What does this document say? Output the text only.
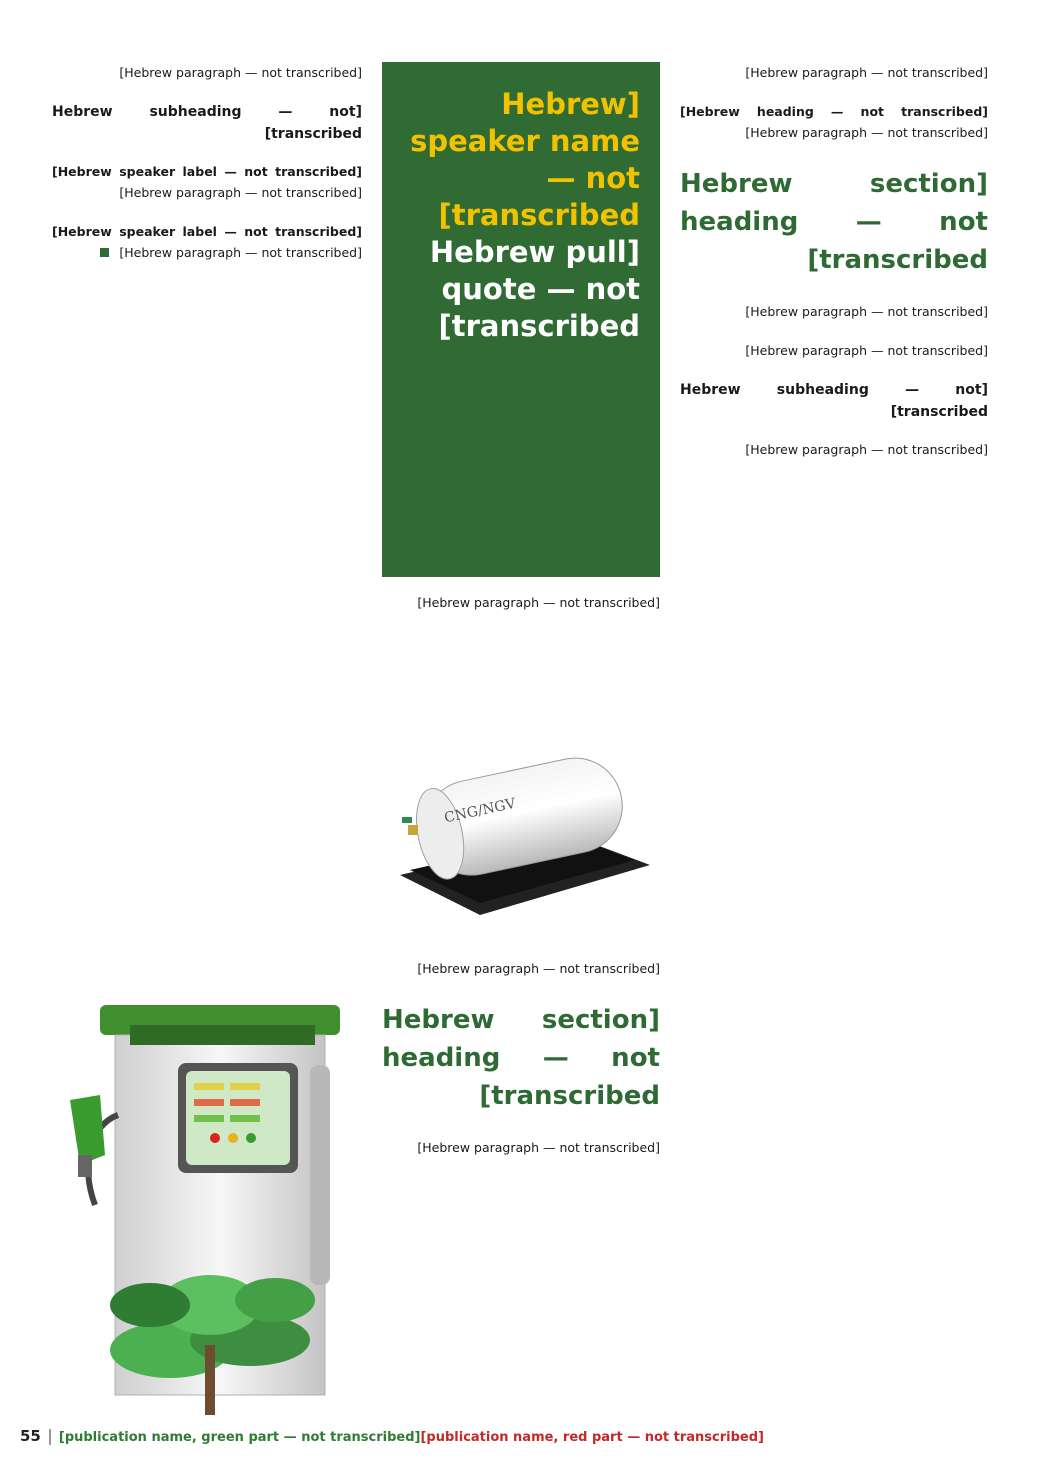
[Hebrew paragraph — not transcribed]

[Hebrew heading — not transcribed] [Hebrew paragraph — not transcribed]

[Hebrew section heading — not transcribed]

[Hebrew paragraph — not transcribed]

[Hebrew paragraph — not transcribed]

[Hebrew subheading — not transcribed]

[Hebrew paragraph — not transcribed]

[Hebrew speaker name — not transcribed] [Hebrew pull quote — not transcribed]

[Hebrew paragraph — not transcribed]

CNG/NGV

[Hebrew paragraph — not transcribed]

[Hebrew section heading — not transcribed]

[Hebrew paragraph — not transcribed]

[Hebrew paragraph — not transcribed]

[Hebrew subheading — not transcribed]

[Hebrew speaker label — not transcribed] [Hebrew paragraph — not transcribed]

[Hebrew speaker label — not transcribed] [Hebrew paragraph — not transcribed]

55 [publication name, green part — not transcribed][publication name, red part — not transcribed]
